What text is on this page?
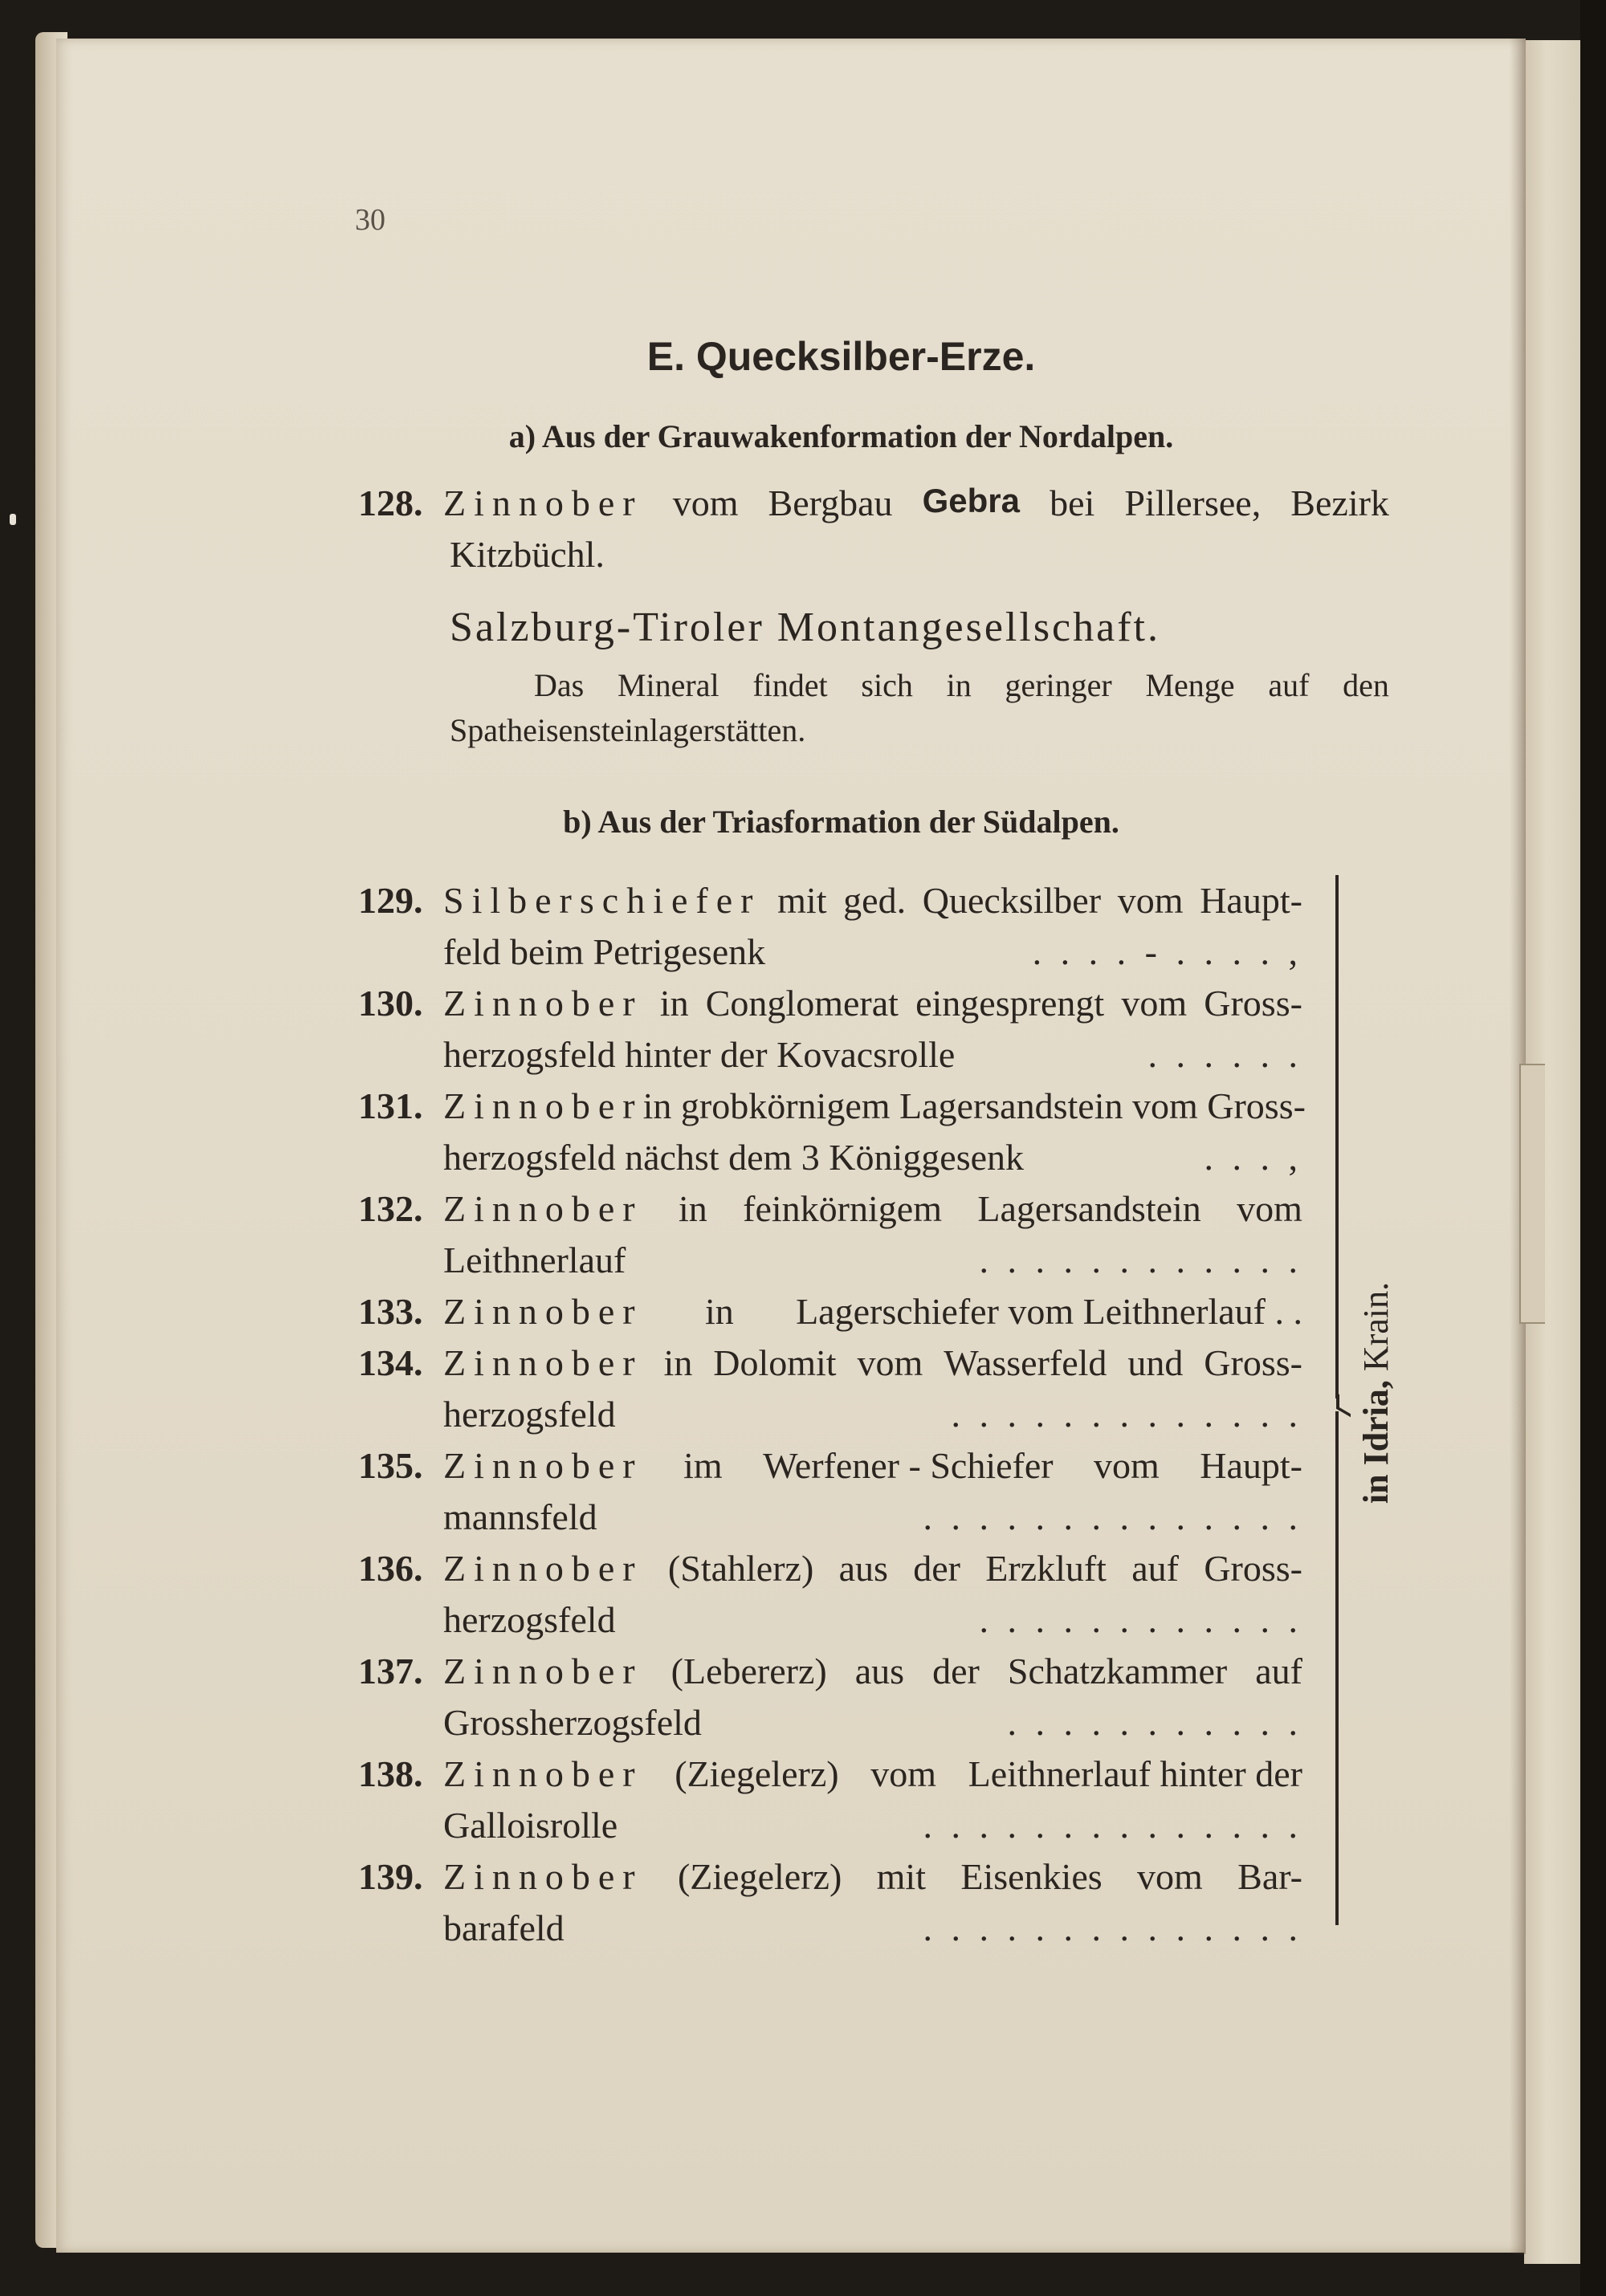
30
E. Quecksilber-Erze.
a) Aus der Grauwakenformation der Nordalpen.
128. Zinnober vom Bergbau Gebra bei Pillersee, Bezirk
Kitzbüchl.
Salzburg-Tiroler Montangesellschaft.
Das Mineral findet sich in geringer Menge auf den
Spatheisensteinlagerstätten.
b) Aus der Triasformation der Südalpen.
129. Silberschiefer mit ged. Quecksilber vom Haupt-
feld beim Petrigesenk	. . . . - . . . . ,
130. Zinnober in Conglomerat eingesprengt vom Gross-
herzogsfeld hinter der Kovacsrolle	. . . . . .
131. Zinnober in grobkörnigem Lagersandstein vom Gross-
herzogsfeld nächst dem 3 Königgesenk	. . . ,
132. Zinnober in feinkörnigem Lagersandstein vom
Leithnerlauf	. . . . . . . . . . . .
133. Zinnober in Lagerschiefer vom Leithnerlauf . .
134. Zinnober in Dolomit vom Wasserfeld und Gross-
herzogsfeld	. . . . . . . . . . . . .
135. Zinnober im Werfener - Schiefer vom Haupt-
mannsfeld	. . . . . . . . . . . . . .
136. Zinnober (Stahlerz) aus der Erzkluft auf Gross-
herzogsfeld	. . . . . . . . . . . .
137. Zinnober (Lebererz) aus der Schatzkammer auf
Grossherzogsfeld	. . . . . . . . . . .
138. Zinnober (Ziegelerz) vom Leithnerlauf hinter der
Galloisrolle	. . . . . . . . . . . . . .
139. Zinnober (Ziegelerz) mit Eisenkies vom Bar-
barafeld	. . . . . . . . . . . . . .
in Idria, Krain.
